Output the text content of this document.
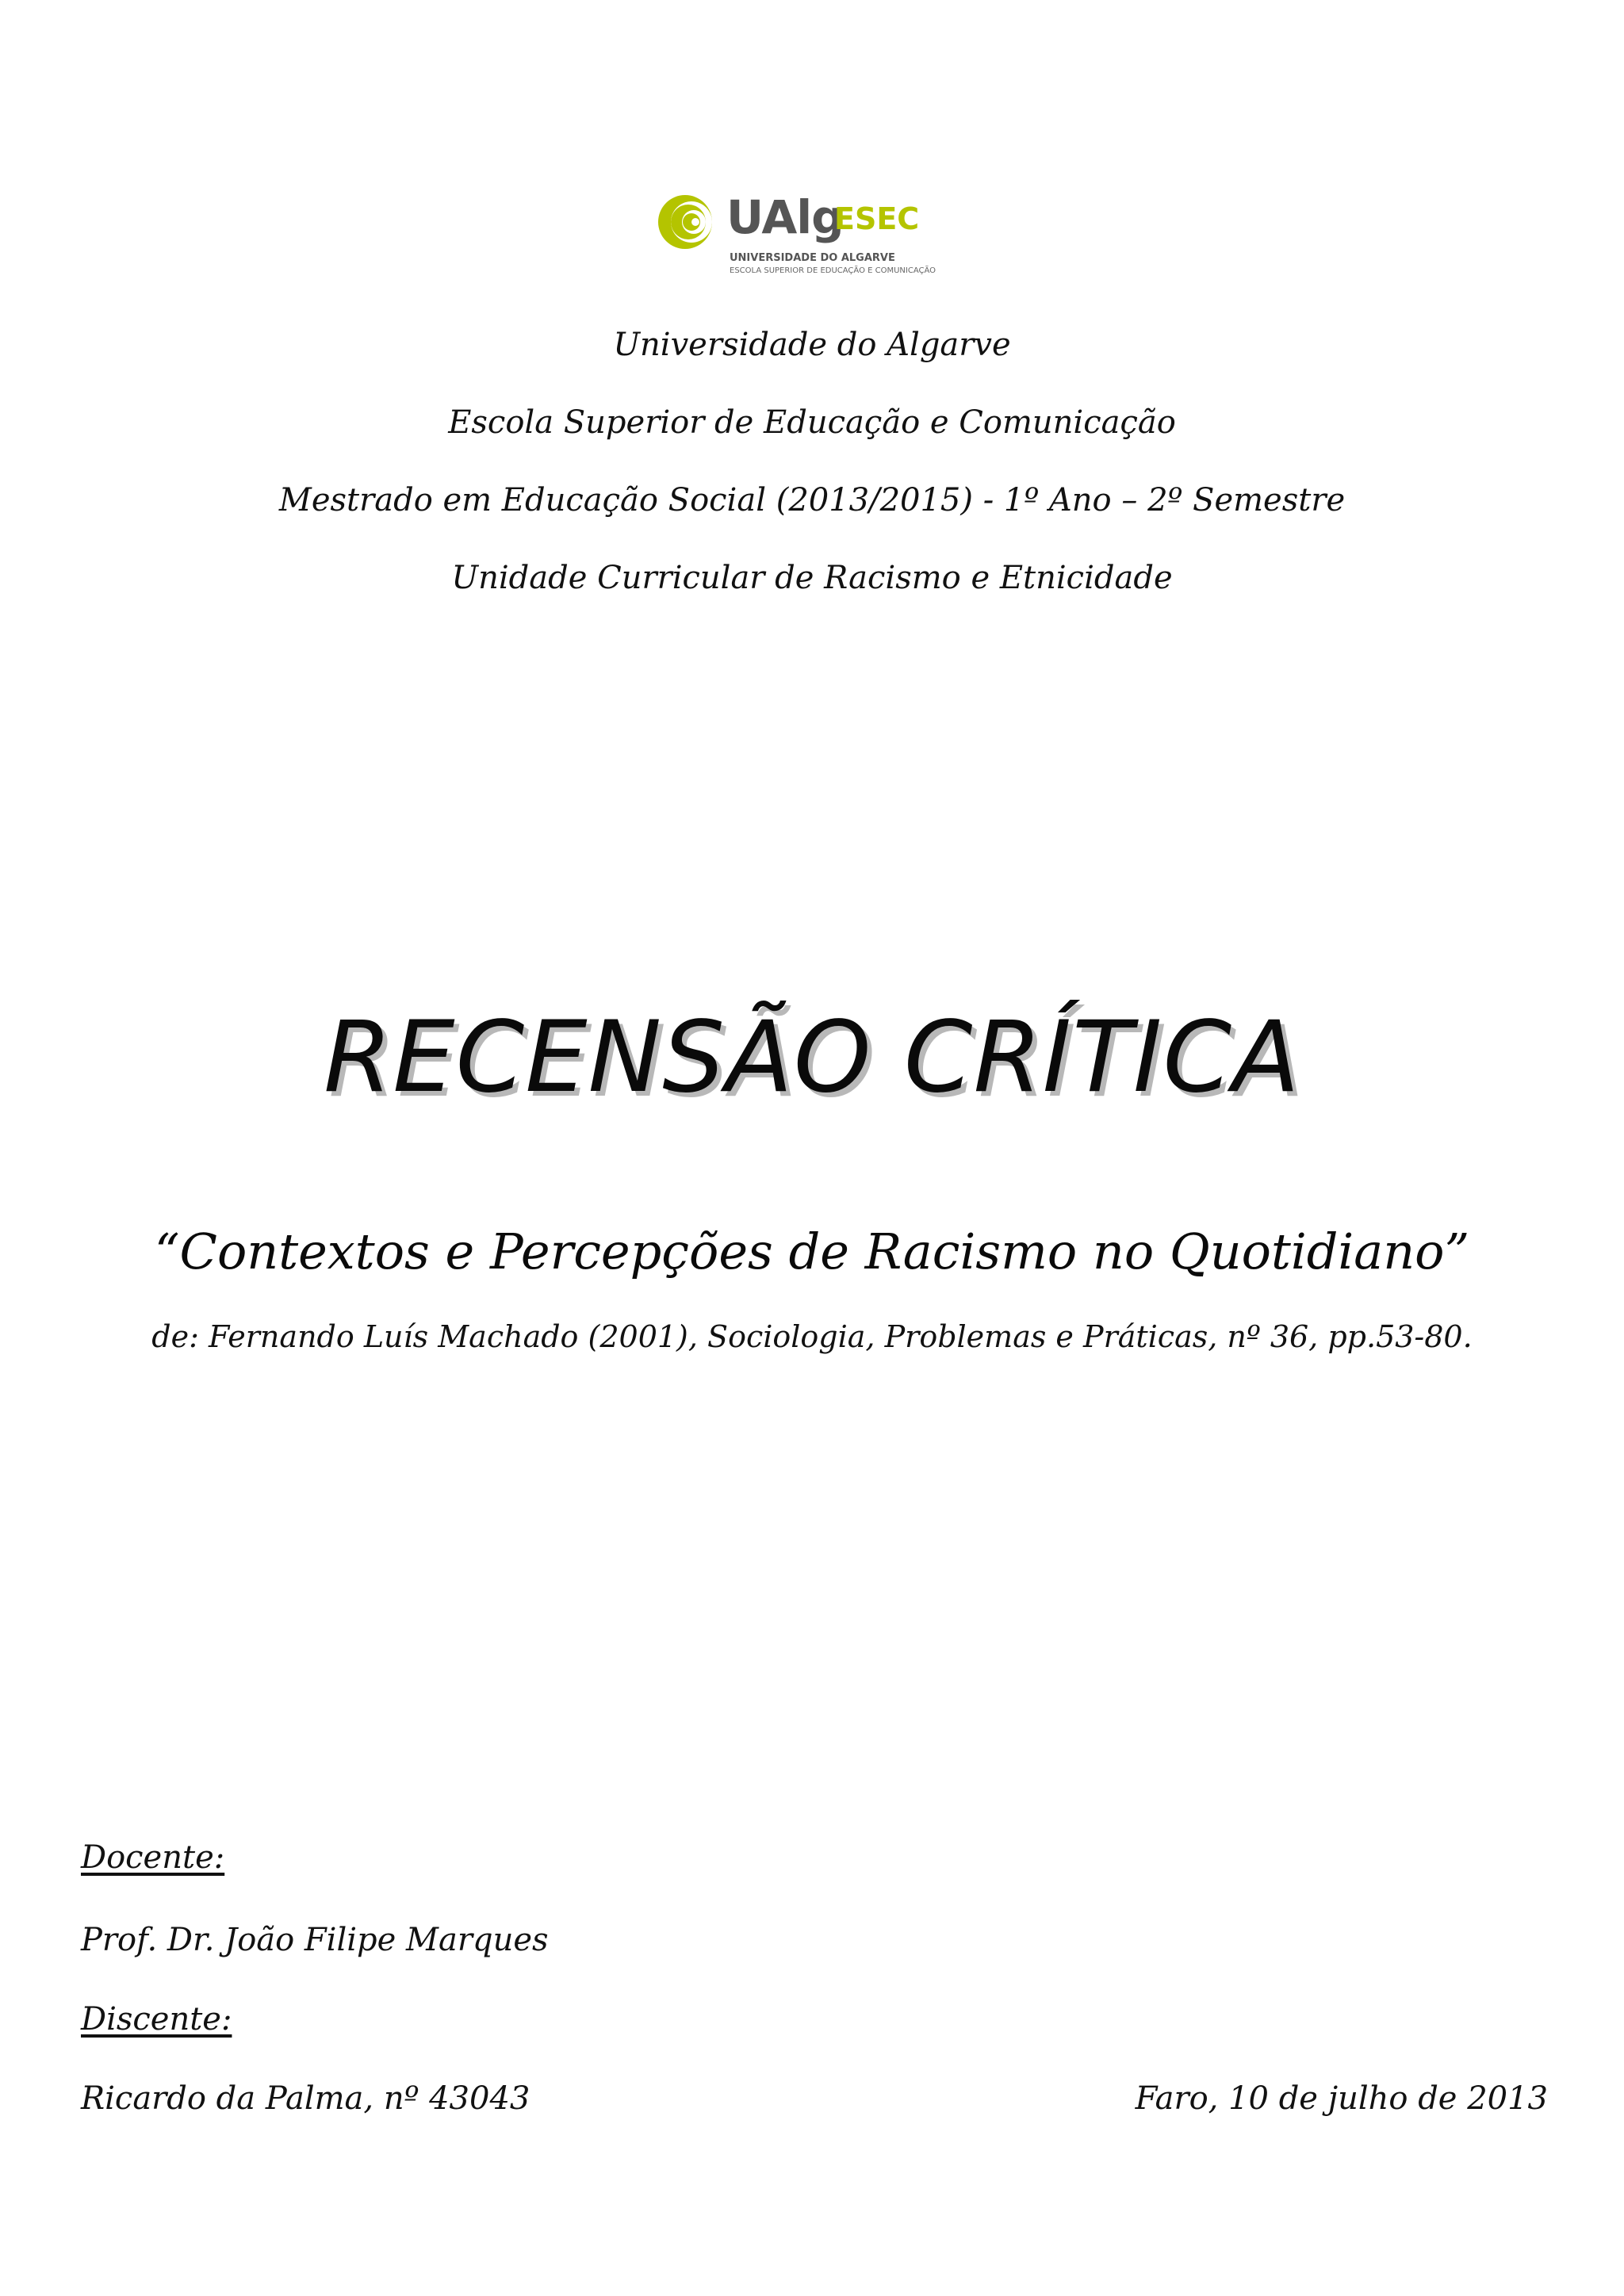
UAlg
ESEC
UNIVERSIDADE DO ALGARVE
ESCOLA SUPERIOR DE EDUCAÇÃO E COMUNICAÇÃO
Universidade do Algarve
Escola Superior de Educação e Comunicação
Mestrado em Educação Social (2013/2015) - 1º Ano – 2º Semestre
Unidade Curricular de Racismo e Etnicidade
RECENSÃO CRÍTICA
“Contextos e Percepções de Racismo no Quotidiano”
de: Fernando Luís Machado (2001), Sociologia, Problemas e Práticas, nº 36, pp.53-80.
Docente:
Prof. Dr. João Filipe Marques
Discente:
Ricardo da Palma, nº 43043	Faro, 10 de julho de 2013
